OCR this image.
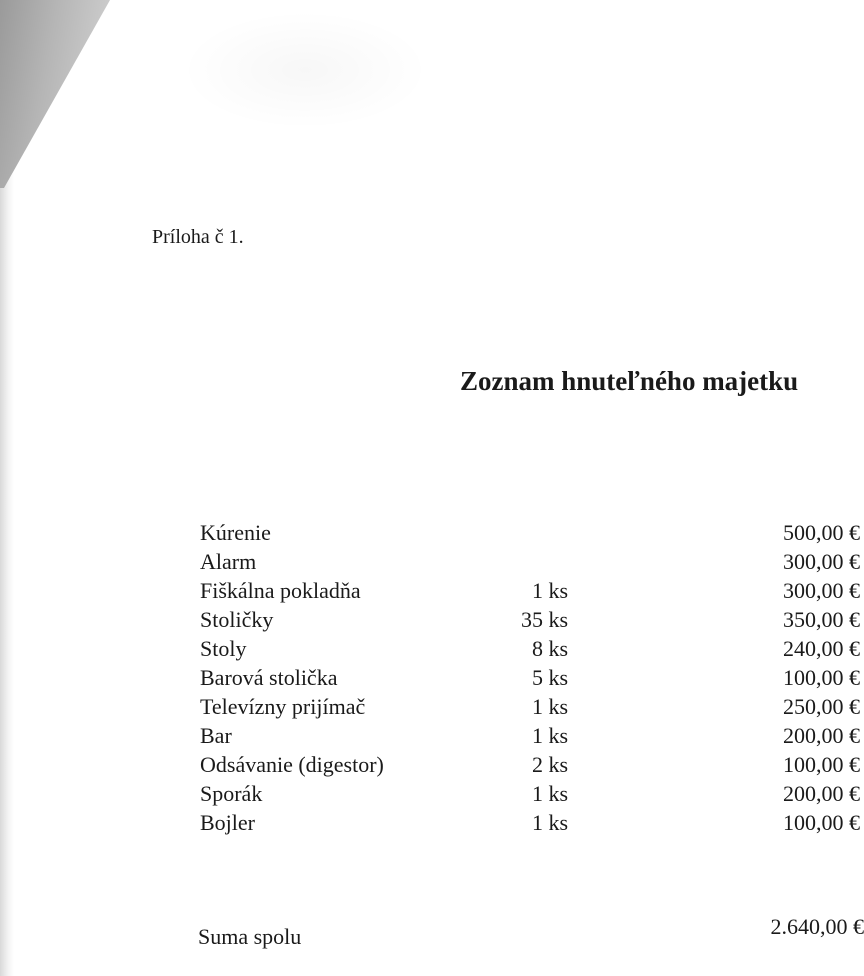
Príloha č 1.
Zoznam hnuteľného majetku
Kúrenie	500,00 €
Alarm	300,00 €
Fiškálna pokladňa	1 ks	300,00 €
Stoličky	35 ks	350,00 €
Stoly	8 ks	240,00 €
Barová stolička	5 ks	100,00 €
Televízny prijímač	1 ks	250,00 €
Bar	1 ks	200,00 €
Odsávanie (digestor)	2 ks	100,00 €
Sporák	1 ks	200,00 €
Bojler	1 ks	100,00 €
Suma spolu	2.640,00 €
